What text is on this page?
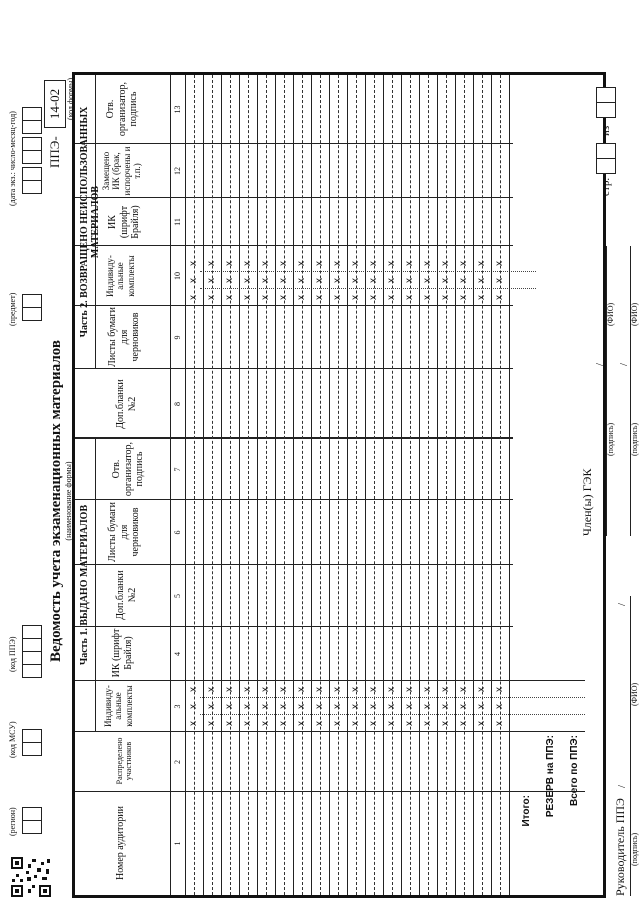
(регион)
(код МСУ)
(код ППЭ)
(предмет)
(дата экз.: число-месяц-год)
Ведомость учета экзаменационных материалов (наименование формы)
ППЭ-
14-02 (код формы)
Часть 1. ВЫДАНО МАТЕРИАЛОВ
Часть 2. ВОЗВРАЩЕНО НЕИСПОЛЬЗОВАННЫХ МАТЕРИАЛОВ
Номер аудитории
Распределено участников
Индивиду-альные комплекты
ИК (шрифт Брайля)
Доп.бланки №2
Листы бумаги для черновиков
Отв. организатор, подпись
Доп.бланки №2
Листы бумаги для черновиков
Индивиду-альные комплекты
ИК (шрифт Брайля)
Замещено ИК (брак, испорчены и т.п.)
Отв. организатор, подпись
1
2
3
4
5
6
7
8
9
10
11
12
13
x
x
x
x
x
x
x
x
x
x
x
x
x
x
x
x
x
x
x
x
x
x
x
x
x
x
x
x
x
x
x
x
x
x
x
x
x
x
x
x
x
x
x
x
x
x
x
x
x
x
x
x
x
x
x
x
x
x
x
x
x
x
x
x
x
x
x
x
x
x
x
x
x
x
x
x
x
x
x
x
x
x
x
x
x
x
x
x
x
x
x
x
x
x
x
x
x
x
x
x
x
x
x
x
x
x
x
x
Итого: РЕЗЕРВ на ППЭ: Всего по ППЭ:
Руководитель ППЭ (подпись)
/
(ФИО)
/
Член(ы) ГЭК
(подпись)
(ФИО)
/
(подпись)
(ФИО)
/
стр.
из
